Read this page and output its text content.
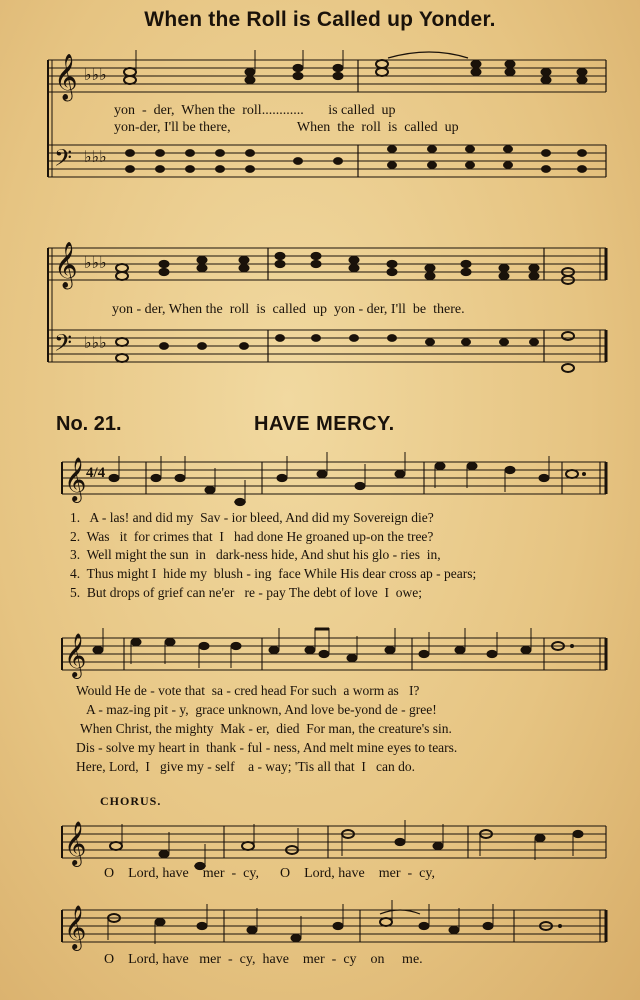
When the Roll is Called up Yonder.
𝄞
𝄢
♭♭♭
♭♭♭
yon  -  der,  When the  roll............       is called  up
yon-der, I'll be there,                   When  the  roll  is  called  up
𝄞
𝄢
♭♭♭
♭♭♭
yon - der, When the  roll  is  called  up  yon - der, I'll  be  there.
No. 21.	HAVE MERCY.
𝄞 4/4
1.   A - las! and did my  Sav - ior bleed, And did my Sovereign die?
2.  Was   it  for crimes that  I   had done He groaned up-on the tree?
3.  Well might the sun  in   dark-ness hide, And shut his glo - ries  in,
4.  Thus might I  hide my  blush - ing  face While His dear cross ap - pears;
5.  But drops of grief can ne'er   re - pay The debt of love  I  owe;
𝄞
Would He de - vote that  sa - cred head For such  a worm as   I?
A - maz-ing pit - y,  grace unknown, And love be-yond de - gree!
When Christ, the mighty  Mak - er,  died  For man, the creature's sin.
Dis - solve my heart in  thank - ful - ness, And melt mine eyes to tears.
Here, Lord,  I   give my - self    a - way; 'Tis all that  I   can do.
CHORUS.
𝄞
O    Lord, have    mer  -  cy,      O    Lord, have    mer  -  cy,
𝄞
O    Lord, have   mer  -  cy,  have    mer  -  cy    on     me.
